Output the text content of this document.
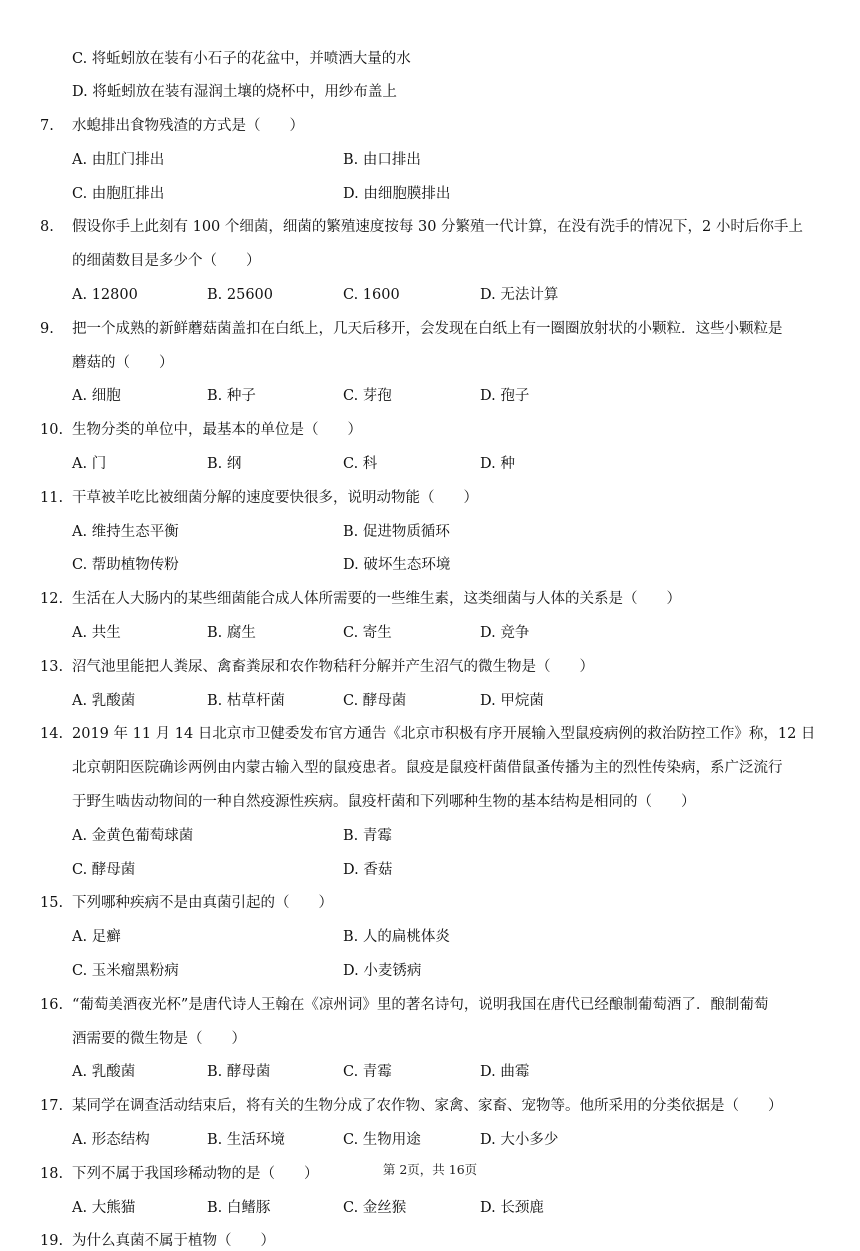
C. 将蚯蚓放在装有小石子的花盆中，并喷洒大量的水
D. 将蚯蚓放在装有湿润土壤的烧杯中，用纱布盖上
7.	水螅排出食物残渣的方式是（　　）
A. 由肛门排出	B. 由口排出
C. 由胞肛排出	D. 由细胞膜排出
8.	假设你手上此刻有 100 个细菌，细菌的繁殖速度按每 30 分繁殖一代计算，在没有洗手的情况下，2 小时后你手上
的细菌数目是多少个（　　）
A. 12800	B. 25600	C. 1600	D. 无法计算
9.	把一个成熟的新鲜蘑菇菌盖扣在白纸上，几天后移开，会发现在白纸上有一圈圈放射状的小颗粒．这些小颗粒是
蘑菇的（　　）
A. 细胞	B. 种子	C. 芽孢	D. 孢子
10. 生物分类的单位中，最基本的单位是（　　）
A. 门	B. 纲	C. 科	D. 种
11. 干草被羊吃比被细菌分解的速度要快很多，说明动物能（　　）
A. 维持生态平衡	B. 促进物质循环
C. 帮助植物传粉	D. 破坏生态环境
12. 生活在人大肠内的某些细菌能合成人体所需要的一些维生素，这类细菌与人体的关系是（　　）
A. 共生	B. 腐生	C. 寄生	D. 竞争
13. 沼气池里能把人粪尿、禽畜粪尿和农作物秸秆分解并产生沼气的微生物是（　　）
A. 乳酸菌	B. 枯草杆菌	C. 酵母菌	D. 甲烷菌
14. 2019 年 11 月 14 日北京市卫健委发布官方通告《北京市积极有序开展输入型鼠疫病例的救治防控工作》称，12 日
北京朝阳医院确诊两例由内蒙古输入型的鼠疫患者。鼠疫是鼠疫杆菌借鼠蚤传播为主的烈性传染病，系广泛流行
于野生啮齿动物间的一种自然疫源性疾病。鼠疫杆菌和下列哪种生物的基本结构是相同的（　　）
A. 金黄色葡萄球菌	B. 青霉
C. 酵母菌	D. 香菇
15. 下列哪种疾病不是由真菌引起的（　　）
A. 足癣	B. 人的扁桃体炎
C. 玉米瘤黑粉病	D. 小麦锈病
16. “葡萄美酒夜光杯”是唐代诗人王翰在《凉州词》里的著名诗句，说明我国在唐代已经酿制葡萄酒了．酿制葡萄
酒需要的微生物是（　　）
A. 乳酸菌	B. 酵母菌	C. 青霉	D. 曲霉
17. 某同学在调查活动结束后，将有关的生物分成了农作物、家禽、家畜、宠物等。他所采用的分类依据是（　　）
A. 形态结构	B. 生活环境	C. 生物用途	D. 大小多少
18. 下列不属于我国珍稀动物的是（　　）
A. 大熊猫	B. 白鳍豚	C. 金丝猴	D. 长颈鹿
19. 为什么真菌不属于植物（　　）
第 2页，共 16页
